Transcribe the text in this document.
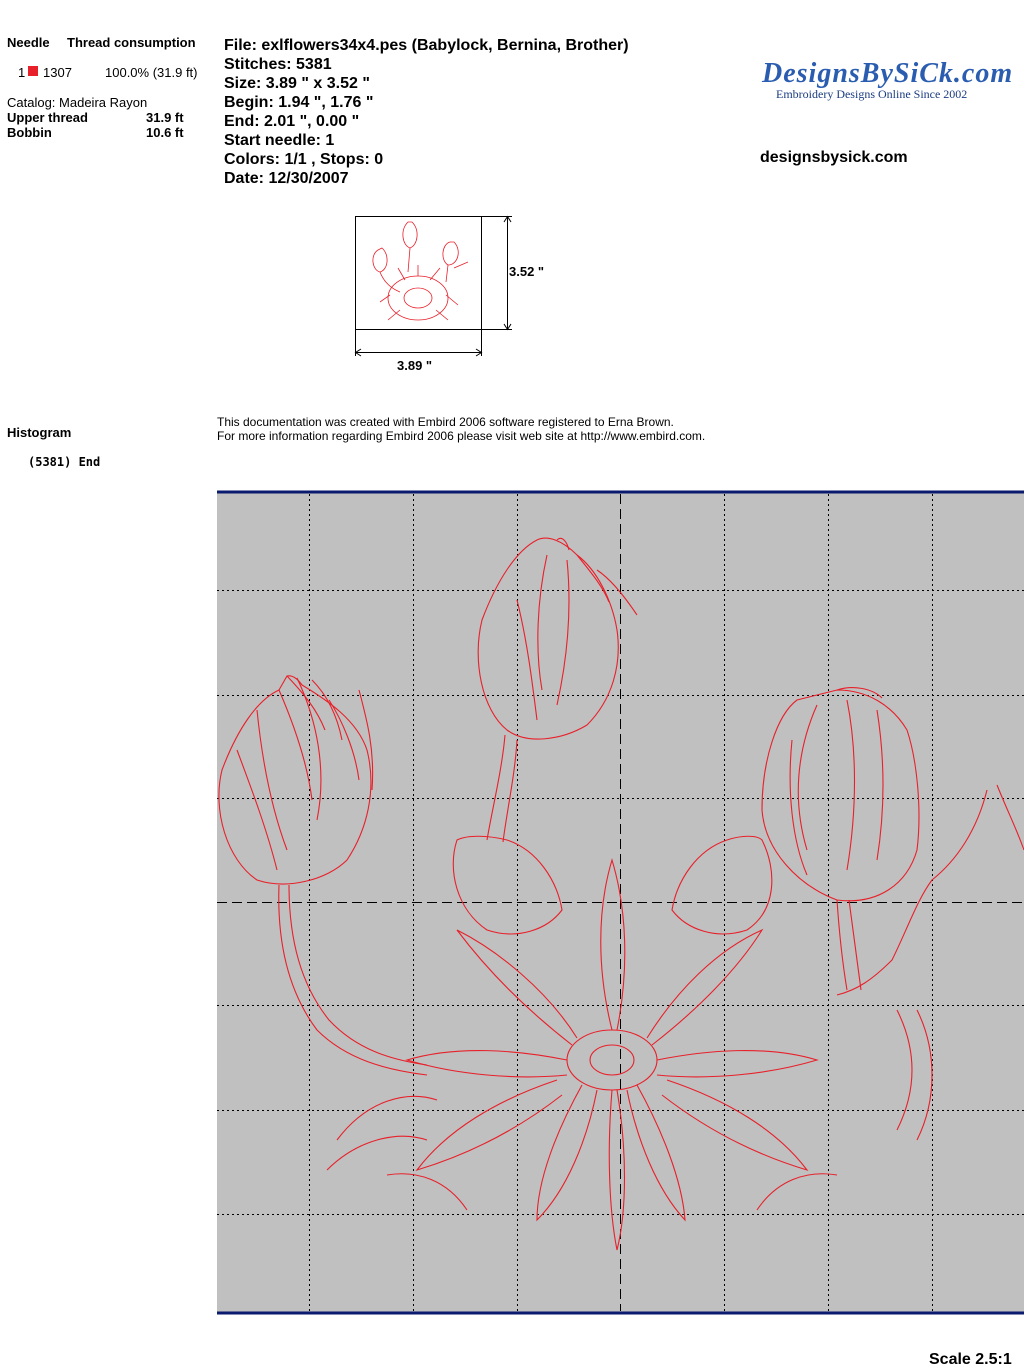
Needle Thread consumption
1 1307	100.0% (31.9 ft)
Catalog: Madeira Rayon
Upper thread	31.9 ft
Bobbin	10.6 ft
File: exlflowers34x4.pes (Babylock, Bernina, Brother)
Stitches: 5381
Size: 3.89 " x 3.52 "
Begin: 1.94 ", 1.76 "
End: 2.01 ", 0.00 "
Start needle: 1
Colors: 1/1 , Stops: 0
Date: 12/30/2007
DesignsBySiCk.com
Embroidery Designs Online Since 2002
designsbysick.com
3.52 "
3.89 "
Histogram
(5381) End
This documentation was created with Embird 2006 software registered to Erna Brown.
For more information regarding Embird 2006 please visit web site at http://www.embird.com.
Scale 2.5:1
